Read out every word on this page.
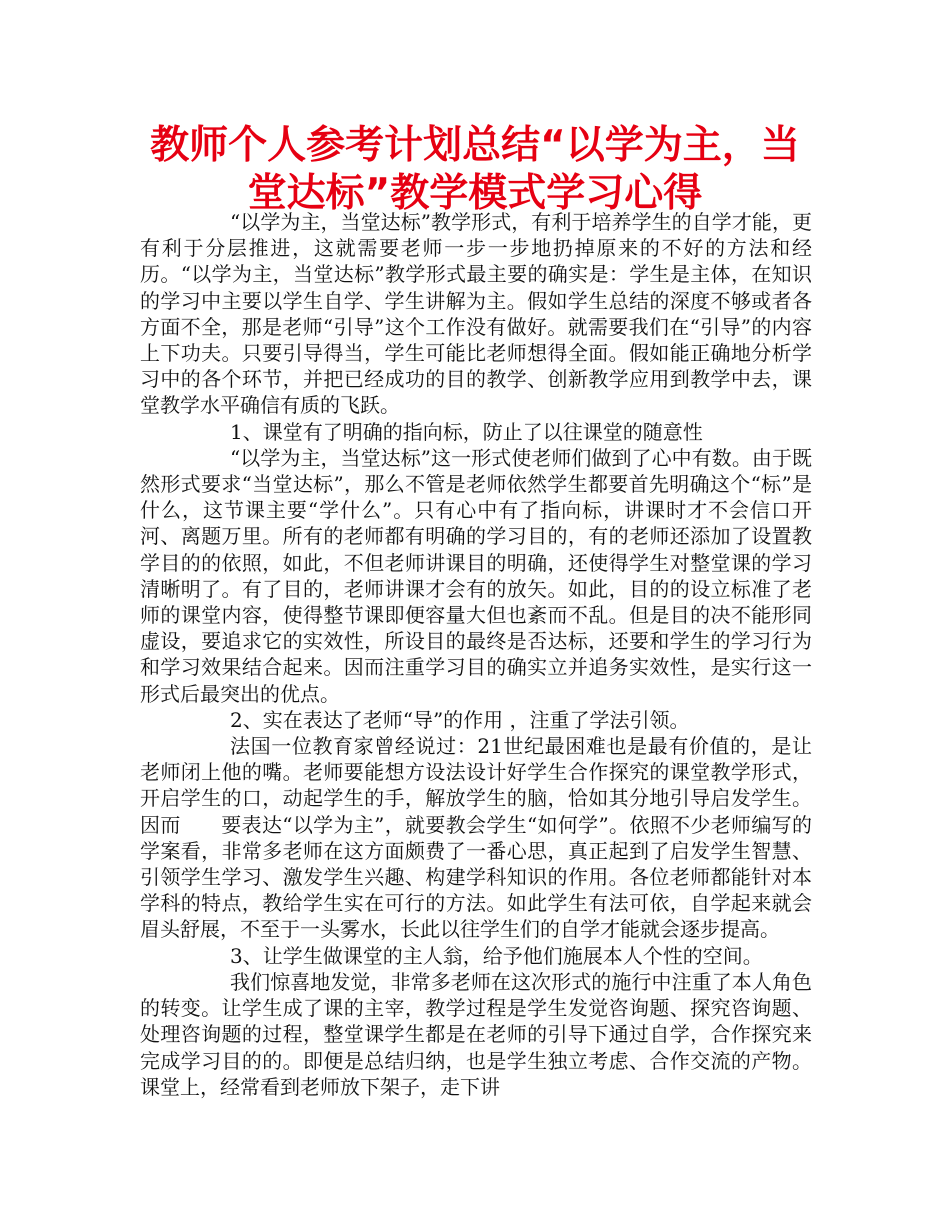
教师个人参考计划总结“以学为主，当堂达标”教学模式学习心得

“以学为主，当堂达标”教学形式，有利于培养学生的自学才能，更有利于分层推进，这就需要老师一步一步地扔掉原来的不好的方法和经历。“以学为主，当堂达标”教学形式最主要的确实是：学生是主体，在知识的学习中主要以学生自学、学生讲解为主。假如学生总结的深度不够或者各方面不全，那是老师“引导”这个工作没有做好。就需要我们在“引导”的内容上下功夫。只要引导得当，学生可能比老师想得全面。假如能正确地分析学习中的各个环节，并把已经成功的目的教学、创新教学应用到教学中去，课堂教学水平确信有质的飞跃。

1、课堂有了明确的指向标，防止了以往课堂的随意性

“以学为主，当堂达标”这一形式使老师们做到了心中有数。由于既然形式要求“当堂达标”，那么不管是老师依然学生都要首先明确这个“标”是什么，这节课主要“学什么”。只有心中有了指向标，讲课时才不会信口开河、离题万里。所有的老师都有明确的学习目的，有的老师还添加了设置教学目的的依照，如此，不但老师讲课目的明确，还使得学生对整堂课的学习清晰明了。有了目的，老师讲课才会有的放矢。如此，目的的设立标准了老师的课堂内容，使得整节课即便容量大但也紊而不乱。但是目的决不能形同虚设，要追求它的实效性，所设目的最终是否达标，还要和学生的学习行为和学习效果结合起来。因而注重学习目的确实立并追务实效性，是实行这一形式后最突出的优点。

2、实在表达了老师“导”的作用 ，注重了学法引领。

法国一位教育家曾经说过：21世纪最困难也是最有价值的，是让老师闭上他的嘴。老师要能想方设法设计好学生合作探究的课堂教学形式，开启学生的口，动起学生的手，解放学生的脑，恰如其分地引导启发学生。因而　　要表达“以学为主”，就要教会学生“如何学”。依照不少老师编写的学案看，非常多老师在这方面颇费了一番心思，真正起到了启发学生智慧、引领学生学习、激发学生兴趣、构建学科知识的作用。各位老师都能针对本学科的特点，教给学生实在可行的方法。如此学生有法可依，自学起来就会眉头舒展，不至于一头雾水，长此以往学生们的自学才能就会逐步提高。

3、让学生做课堂的主人翁，给予他们施展本人个性的空间。

我们惊喜地发觉，非常多老师在这次形式的施行中注重了本人角色的转变。让学生成了课的主宰，教学过程是学生发觉咨询题、探究咨询题、处理咨询题的过程，整堂课学生都是在老师的引导下通过自学，合作探究来完成学习目的的。即便是总结归纳，也是学生独立考虑、合作交流的产物。课堂上，经常看到老师放下架子，走下讲
